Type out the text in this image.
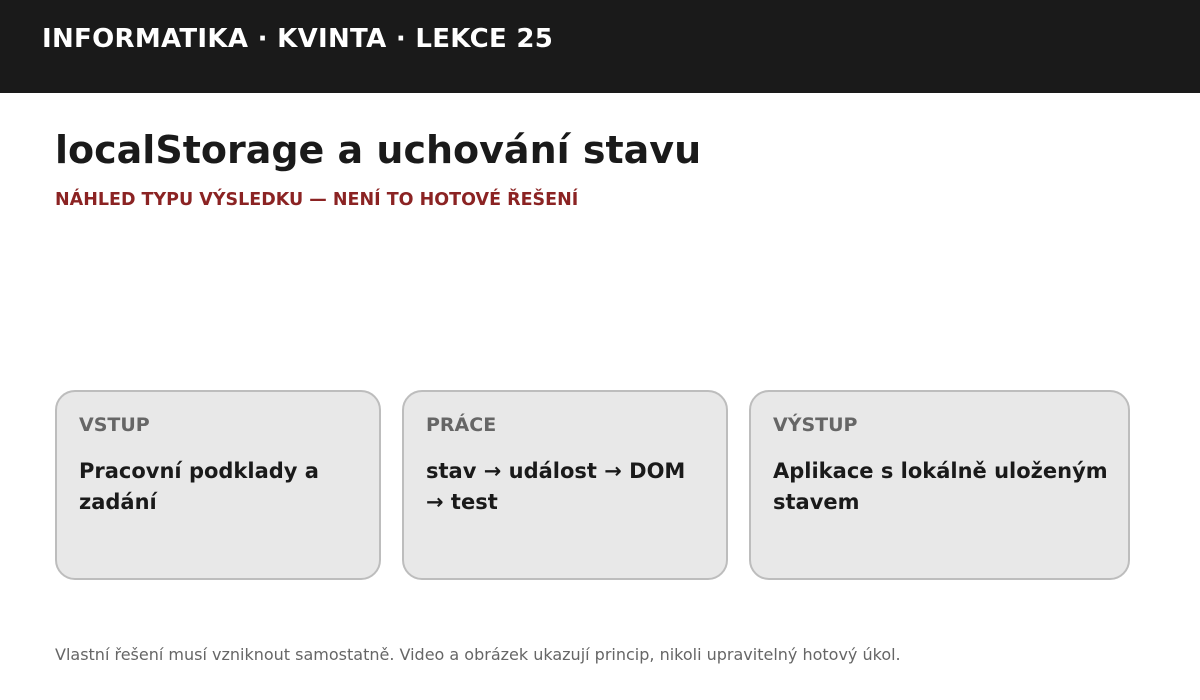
INFORMATIKA · KVINTA · LEKCE 25
localStorage a uchování stavu
NÁHLED TYPU VÝSLEDKU — NENÍ TO HOTOVÉ ŘEŠENÍ
VSTUP
Pracovní podklady a zadání
PRÁCE
stav → událost → DOM → test
VÝSTUP
Aplikace s lokálně uloženým stavem
Vlastní řešení musí vzniknout samostatně. Video a obrázek ukazují princip, nikoli upravitelný hotový úkol.
